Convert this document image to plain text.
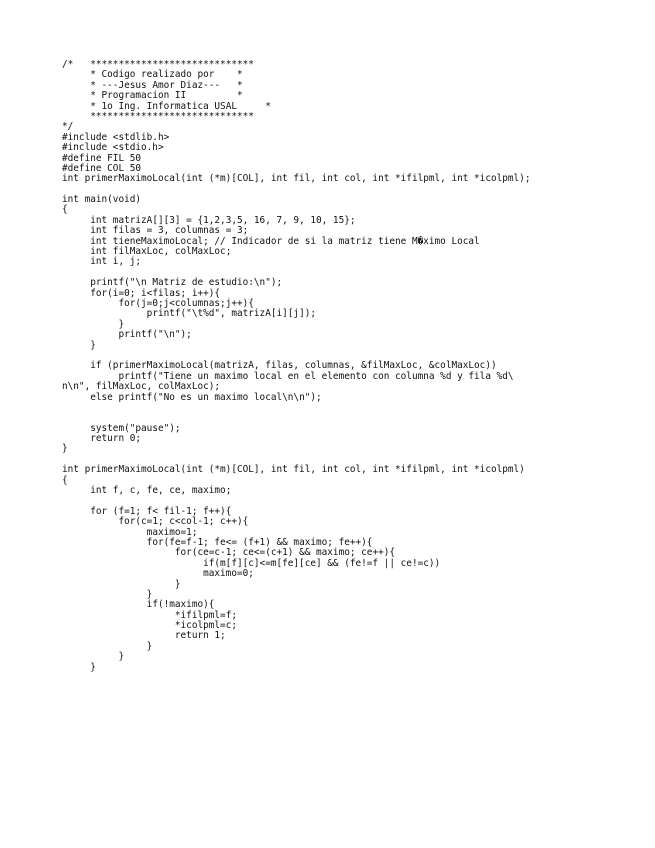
/*	*****************************
	* Codigo realizado por	*
	* ---Jesus Amor Diaz---	*
	* Programacion II		*
	* 1o Ing. Informatica USAL	*
	*****************************
*/
#include <stdlib.h>
#include <stdio.h>
#define FIL 50
#define COL 50
int primerMaximoLocal(int (*m)[COL], int fil, int col, int *ifilpml, int *icolpml);
int main(void)
{
	int matrizA[][3] = {1,2,3,5, 16, 7, 9, 10, 15};
	int filas = 3, columnas = 3;
	int tieneMaximoLocal; // Indicador de si la matriz tiene M�ximo Local
	int filMaxLoc, colMaxLoc;
	int i, j;
	printf("\n Matriz de estudio:\n");
	for(i=0; i<filas; i++){
		for(j=0;j<columnas;j++){
			printf("\t%d", matrizA[i][j]);
		}
		printf("\n");
	}
	if (primerMaximoLocal(matrizA, filas, columnas, &filMaxLoc, &colMaxLoc))
		printf("Tiene un maximo local en el elemento con columna %d y fila %d\
n\n", filMaxLoc, colMaxLoc);
	else printf("No es un maximo local\n\n");
	system("pause");
	return 0;
}
int primerMaximoLocal(int (*m)[COL], int fil, int col, int *ifilpml, int *icolpml)
{
	int f, c, fe, ce, maximo;
	for (f=1; f< fil-1; f++){
		for(c=1; c<col-1; c++){
			maximo=1;
			for(fe=f-1; fe<= (f+1) && maximo; fe++){
				for(ce=c-1; ce<=(c+1) && maximo; ce++){
					if(m[f][c]<=m[fe][ce] && (fe!=f || ce!=c))
					maximo=0;
				}
			}
			if(!maximo){
				*ifilpml=f;
				*icolpml=c;
				return 1;
			}
		}
	}
